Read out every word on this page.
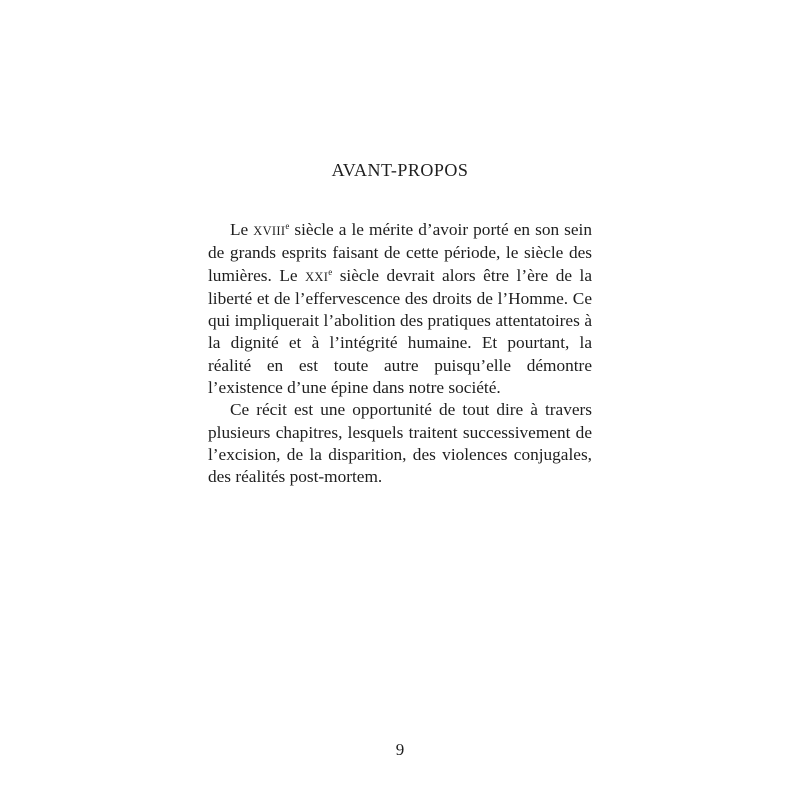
AVANT-PROPOS

Le XVIIIe siècle a le mérite d’avoir porté en son sein de grands esprits faisant de cette période, le siècle des lumières. Le XXIe siècle devrait alors être l’ère de la liberté et de l’effervescence des droits de l’Homme. Ce qui impliquerait l’abolition des pratiques attentatoires à la dignité et à l’intégrité humaine. Et pourtant, la réalité en est toute autre puisqu’elle démontre l’existence d’une épine dans notre société.

Ce récit est une opportunité de tout dire à travers plusieurs chapitres, lesquels traitent successivement de l’excision, de la disparition, des violences conjugales, des réalités post-mortem.

9
